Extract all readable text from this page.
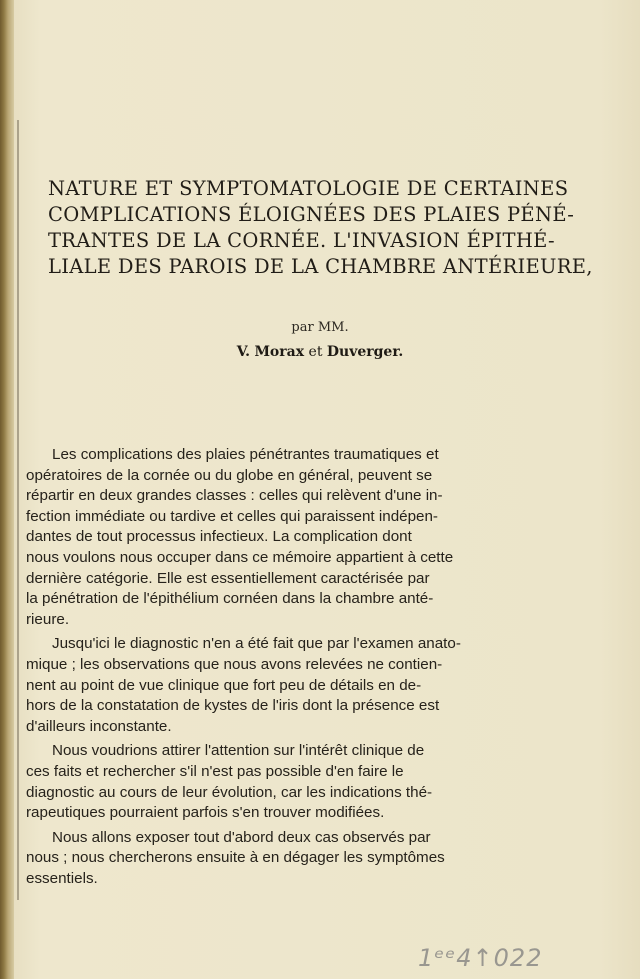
NATURE ET SYMPTOMATOLOGIE DE CERTAINES
COMPLICATIONS ÉLOIGNÉES DES PLAIES PÉNÉ-
TRANTES DE LA CORNÉE. L'INVASION ÉPITHÉ-
LIALE DES PAROIS DE LA CHAMBRE ANTÉRIEURE,
par MM.
V. Morax et Duverger.

Les complications des plaies pénétrantes traumatiques et
opératoires de la cornée ou du globe en général, peuvent se
répartir en deux grandes classes : celles qui relèvent d'une in-
fection immédiate ou tardive et celles qui paraissent indépen-
dantes de tout processus infectieux. La complication dont
nous voulons nous occuper dans ce mémoire appartient à cette
dernière catégorie. Elle est essentiellement caractérisée par
la pénétration de l'épithélium cornéen dans la chambre anté-
rieure.

Jusqu'ici le diagnostic n'en a été fait que par l'examen anato-
mique ; les observations que nous avons relevées ne contien-
nent au point de vue clinique que fort peu de détails en de-
hors de la constatation de kystes de l'iris dont la présence est
d'ailleurs inconstante.

Nous voudrions attirer l'attention sur l'intérêt clinique de
ces faits et rechercher s'il n'est pas possible d'en faire le
diagnostic au cours de leur évolution, car les indications thé-
rapeutiques pourraient parfois s'en trouver modifiées.

Nous allons exposer tout d'abord deux cas observés par
nous ; nous chercherons ensuite à en dégager les symptômes
essentiels.

1ᵉᵉ4↑022
